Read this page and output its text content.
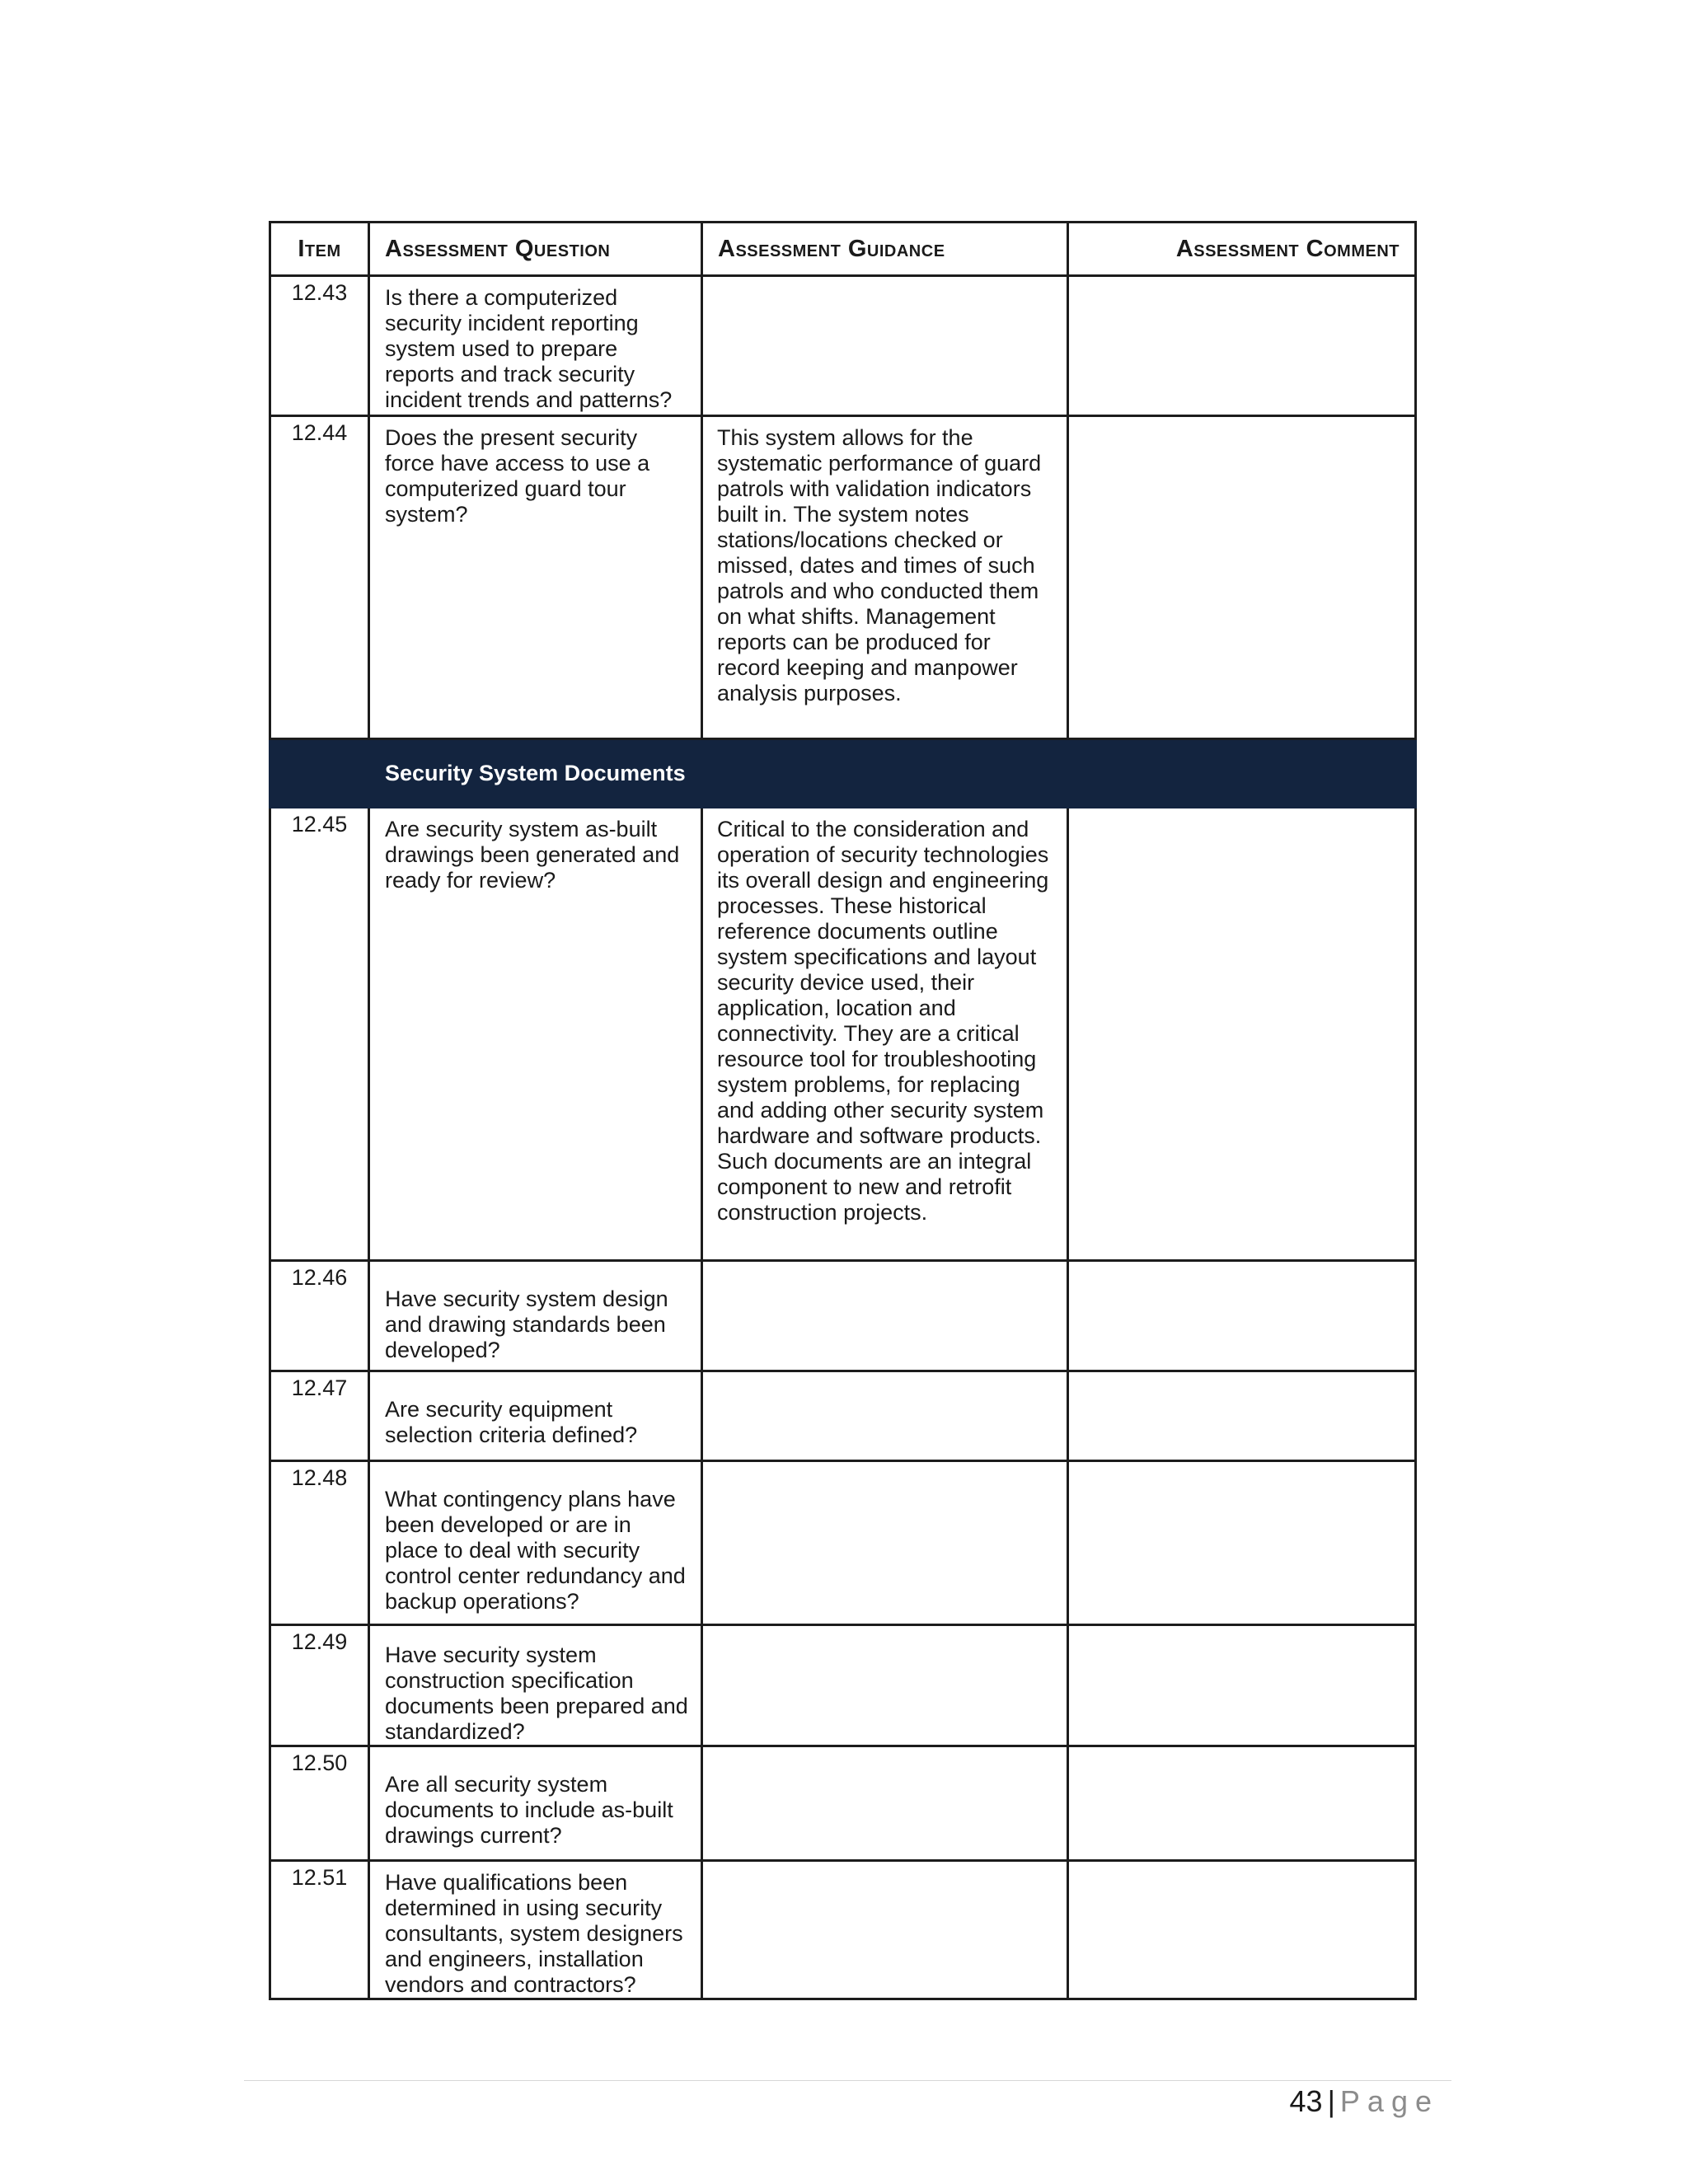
Item	Assessment Question	Assessment Guidance	Assessment Comment
12.43	Is there a computerized security incident reporting system used to prepare reports and track security incident trends and patterns?		
12.44	Does the present security force have access to use a computerized guard tour system?	This system allows for the systematic performance of guard patrols with validation indicators built in. The system notes stations/locations checked or missed, dates and times of such patrols and who conducted them on what shifts. Management reports can be produced for record keeping and manpower analysis purposes.	
	Security System Documents		
12.45	Are security system as-built drawings been generated and ready for review?	Critical to the consideration and operation of security technologies its overall design and engineering processes. These historical reference documents outline system specifications and layout security device used, their application, location and connectivity. They are a critical resource tool for troubleshooting system problems, for replacing and adding other security system hardware and software products. Such documents are an integral component to new and retrofit construction projects.	
12.46	Have security system design and drawing standards been developed?		
12.47	Are security equipment selection criteria defined?		
12.48	What contingency plans have been developed or are in place to deal with security control center redundancy and backup operations?		
12.49	Have security system construction specification documents been prepared and standardized?		
12.50	Are all security system documents to include as-built drawings current?		
12.51	Have qualifications been determined in using security consultants, system designers and engineers, installation vendors and contractors?		
43 | Page
